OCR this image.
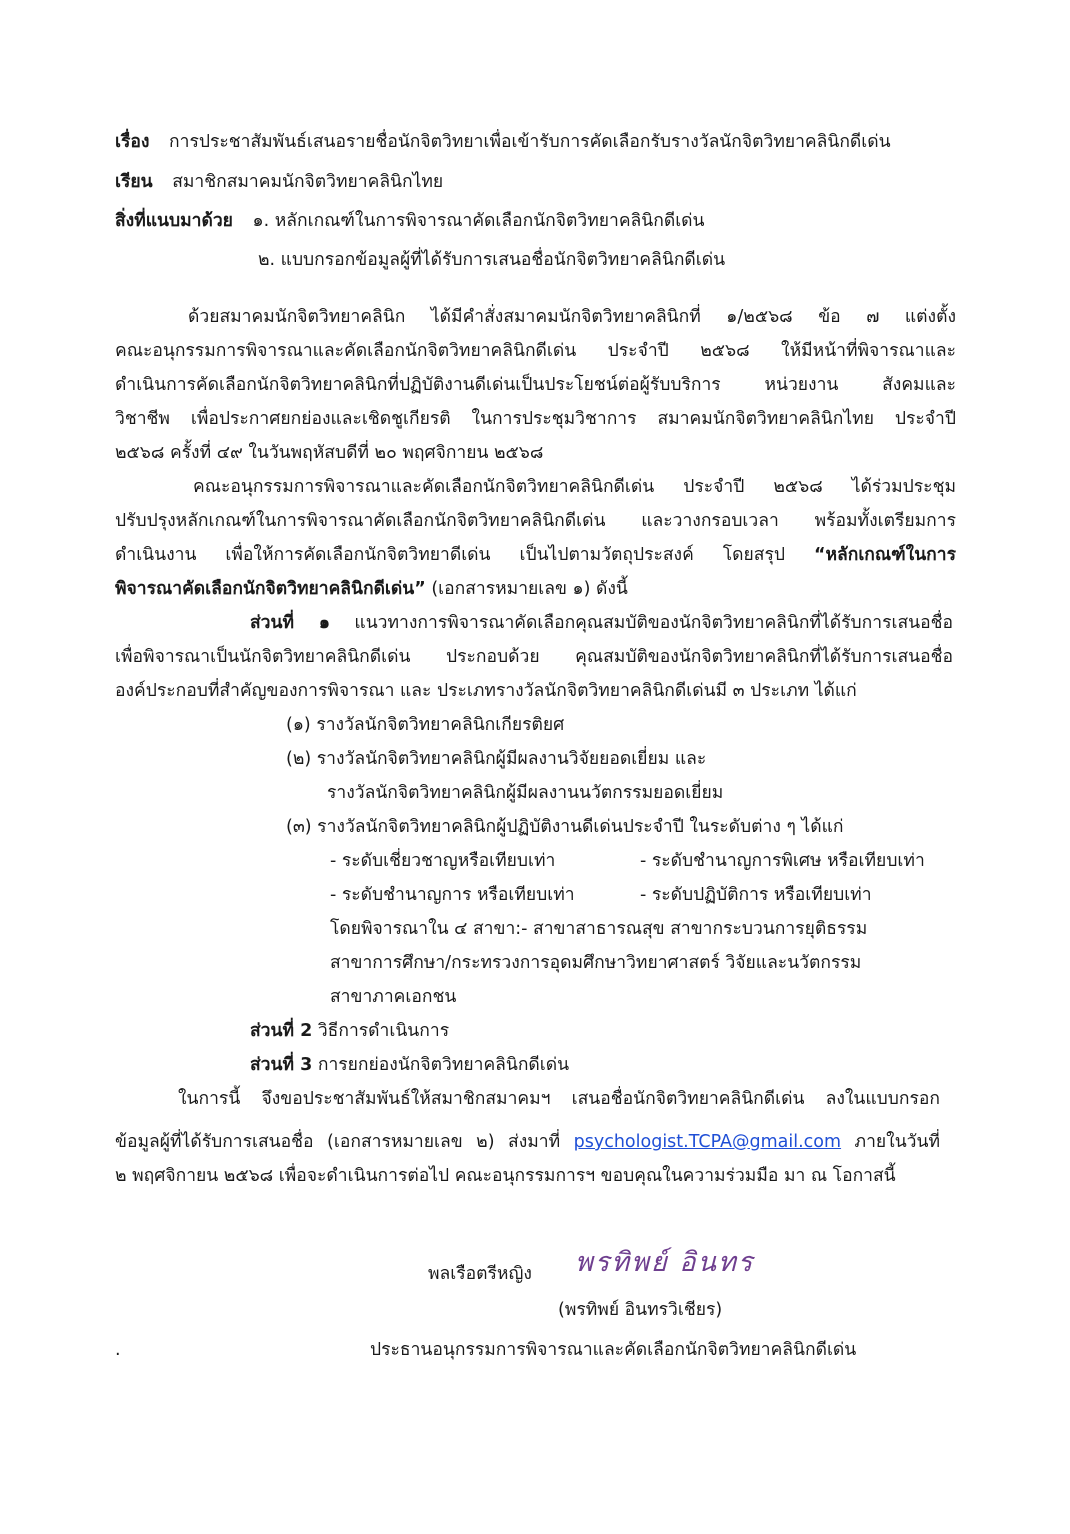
เรื่อง การประชาสัมพันธ์เสนอรายชื่อนักจิตวิทยาเพื่อเข้ารับการคัดเลือกรับรางวัลนักจิตวิทยาคลินิกดีเด่น
เรียน สมาชิกสมาคมนักจิตวิทยาคลินิกไทย
สิ่งที่แนบมาด้วย ๑. หลักเกณฑ์ในการพิจารณาคัดเลือกนักจิตวิทยาคลินิกดีเด่น
๒. แบบกรอกข้อมูลผู้ที่ได้รับการเสนอชื่อนักจิตวิทยาคลินิกดีเด่น
ด้วยสมาคมนักจิตวิทยาคลินิก ได้มีคำสั่งสมาคมนักจิตวิทยาคลินิกที่ ๑/๒๕๖๘ ข้อ ๗ แต่งตั้ง
คณะอนุกรรมการพิจารณาและคัดเลือกนักจิตวิทยาคลินิกดีเด่น ประจำปี ๒๕๖๘ ให้มีหน้าที่พิจารณาและ
ดำเนินการคัดเลือกนักจิตวิทยาคลินิกที่ปฏิบัติงานดีเด่นเป็นประโยชน์ต่อผู้รับบริการ หน่วยงาน สังคมและ
วิชาชีพ เพื่อประกาศยกย่องและเชิดชูเกียรติ ในการประชุมวิชาการ สมาคมนักจิตวิทยาคลินิกไทย ประจำปี
๒๕๖๘ ครั้งที่ ๔๙ ในวันพฤหัสบดีที่ ๒๐ พฤศจิกายน ๒๕๖๘
คณะอนุกรรมการพิจารณาและคัดเลือกนักจิตวิทยาคลินิกดีเด่น ประจำปี ๒๕๖๘ ได้ร่วมประชุม
ปรับปรุงหลักเกณฑ์ในการพิจารณาคัดเลือกนักจิตวิทยาคลินิกดีเด่น และวางกรอบเวลา พร้อมทั้งเตรียมการ
ดำเนินงาน เพื่อให้การคัดเลือกนักจิตวิทยาดีเด่น เป็นไปตามวัตถุประสงค์ โดยสรุป “หลักเกณฑ์ในการ
พิจารณาคัดเลือกนักจิตวิทยาคลินิกดีเด่น” (เอกสารหมายเลข ๑) ดังนี้
ส่วนที่ ๑ แนวทางการพิจารณาคัดเลือกคุณสมบัติของนักจิตวิทยาคลินิกที่ได้รับการเสนอชื่อ
เพื่อพิจารณาเป็นนักจิตวิทยาคลินิกดีเด่น ประกอบด้วย คุณสมบัติของนักจิตวิทยาคลินิกที่ได้รับการเสนอชื่อ
องค์ประกอบที่สำคัญของการพิจารณา และ ประเภทรางวัลนักจิตวิทยาคลินิกดีเด่นมี ๓ ประเภท ได้แก่
(๑) รางวัลนักจิตวิทยาคลินิกเกียรติยศ
(๒) รางวัลนักจิตวิทยาคลินิกผู้มีผลงานวิจัยยอดเยี่ยม และ
รางวัลนักจิตวิทยาคลินิกผู้มีผลงานนวัตกรรมยอดเยี่ยม
(๓) รางวัลนักจิตวิทยาคลินิกผู้ปฏิบัติงานดีเด่นประจำปี ในระดับต่าง ๆ ได้แก่
- ระดับเชี่ยวชาญหรือเทียบเท่า	- ระดับชำนาญการพิเศษ หรือเทียบเท่า
- ระดับชำนาญการ หรือเทียบเท่า	- ระดับปฏิบัติการ หรือเทียบเท่า
โดยพิจารณาใน ๔ สาขา:- สาขาสาธารณสุข สาขากระบวนการยุติธรรม
สาขาการศึกษา/กระทรวงการอุดมศึกษาวิทยาศาสตร์ วิจัยและนวัตกรรม
สาขาภาคเอกชน
ส่วนที่ 2 วิธีการดำเนินการ
ส่วนที่ 3 การยกย่องนักจิตวิทยาคลินิกดีเด่น
ในการนี้ จึงขอประชาสัมพันธ์ให้สมาชิกสมาคมฯ เสนอชื่อนักจิตวิทยาคลินิกดีเด่น ลงในแบบกรอก
ข้อมูลผู้ที่ได้รับการเสนอชื่อ (เอกสารหมายเลข ๒) ส่งมาที่ psychologist.TCPA@gmail.com ภายในวันที่
๒ พฤศจิกายน ๒๕๖๘ เพื่อจะดำเนินการต่อไป คณะอนุกรรมการฯ ขอบคุณในความร่วมมือ มา ณ โอกาสนี้
พลเรือตรีหญิง พรทิพย์ อินทร
(พรทิพย์ อินทรวิเชียร)
.	ประธานอนุกรรมการพิจารณาและคัดเลือกนักจิตวิทยาคลินิกดีเด่น
